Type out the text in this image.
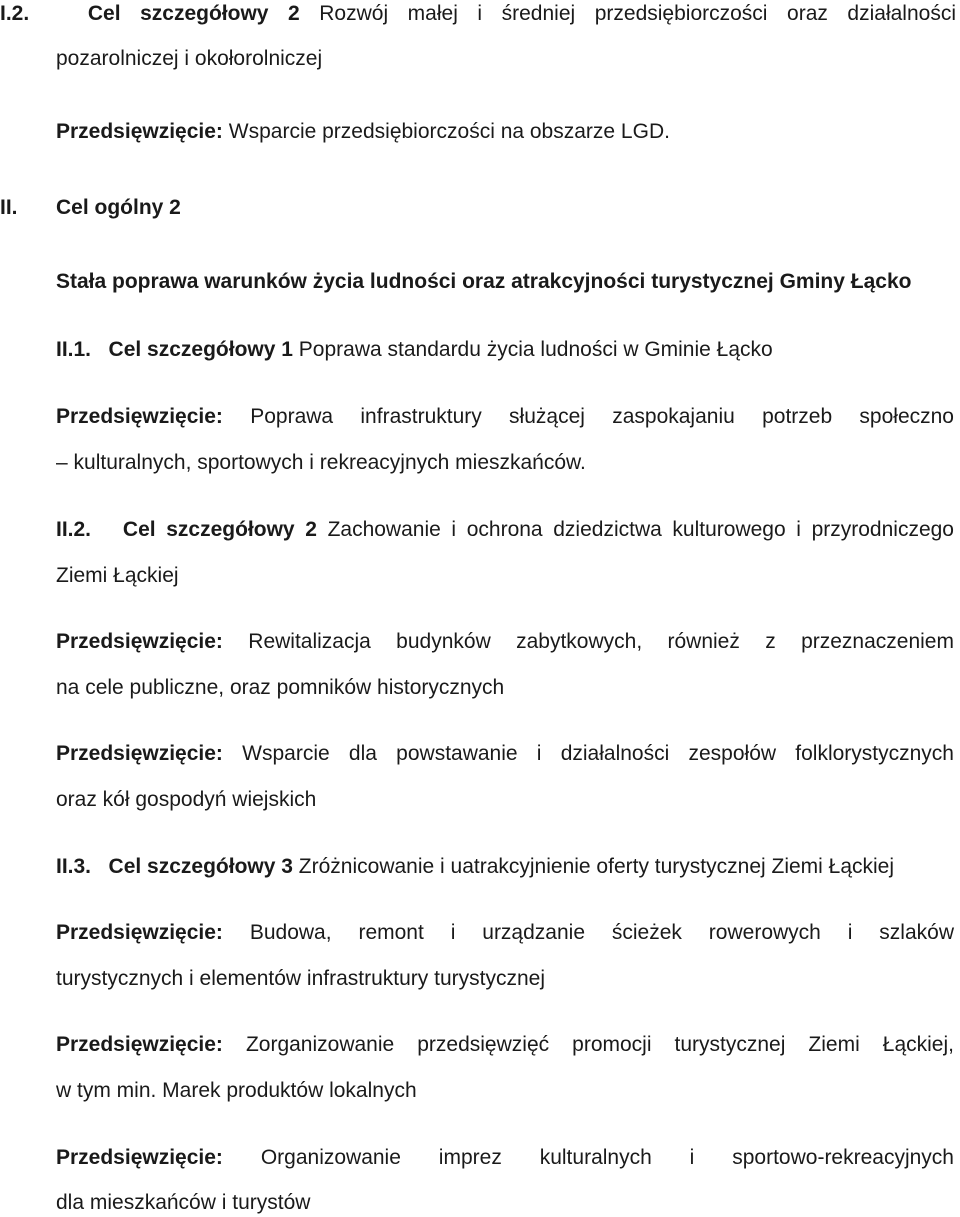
I.2.	Cel szczegółowy 2 Rozwój małej i średniej przedsiębiorczości oraz działalności
pozarolniczej i okołorolniczej
Przedsięwzięcie: Wsparcie przedsiębiorczości na obszarze LGD.
II. Cel ogólny 2
Stała poprawa warunków życia ludności oraz atrakcyjności turystycznej Gminy Łącko
II.1. Cel szczegółowy 1 Poprawa standardu życia ludności w Gminie Łącko
Przedsięwzięcie: Poprawa infrastruktury służącej zaspokajaniu potrzeb społeczno
– kulturalnych, sportowych i rekreacyjnych mieszkańców.
II.2. Cel szczegółowy 2 Zachowanie i ochrona dziedzictwa kulturowego i przyrodniczego
Ziemi Łąckiej
Przedsięwzięcie: Rewitalizacja budynków zabytkowych, również z przeznaczeniem
na cele publiczne, oraz pomników historycznych
Przedsięwzięcie: Wsparcie dla powstawanie i działalności zespołów folklorystycznych
oraz kół gospodyń wiejskich
II.3. Cel szczegółowy 3 Zróżnicowanie i uatrakcyjnienie oferty turystycznej Ziemi Łąckiej
Przedsięwzięcie: Budowa, remont i urządzanie ścieżek rowerowych i szlaków
turystycznych i elementów infrastruktury turystycznej
Przedsięwzięcie: Zorganizowanie przedsięwzięć promocji turystycznej Ziemi Łąckiej,
w tym min. Marek produktów lokalnych
Przedsięwzięcie: Organizowanie imprez kulturalnych i sportowo-rekreacyjnych
dla mieszkańców i turystów
